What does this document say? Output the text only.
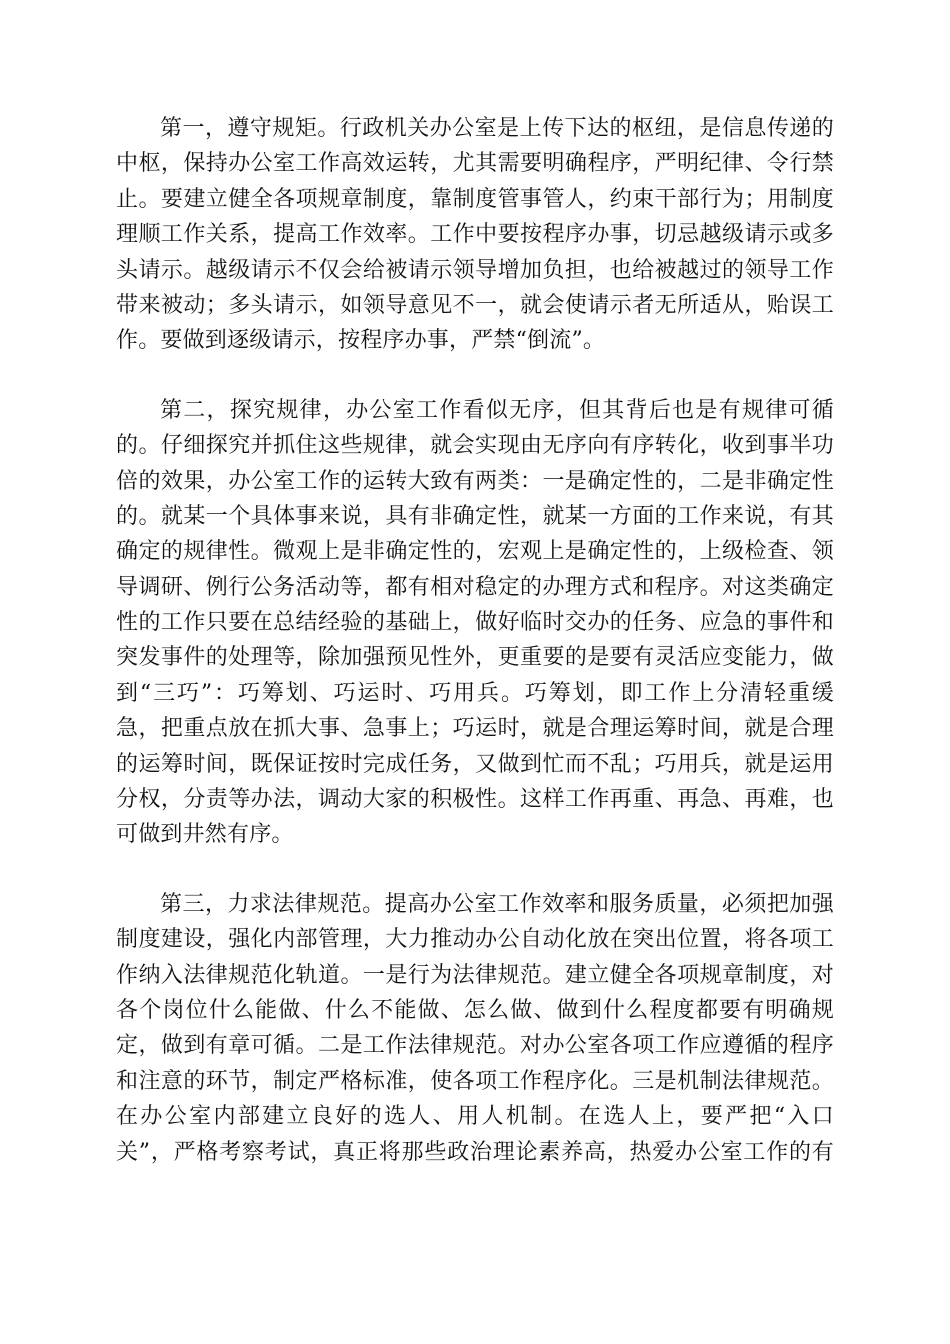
第一，遵守规矩。行政机关办公室是上传下达的枢纽，是信息传递的
中枢，保持办公室工作高效运转，尤其需要明确程序，严明纪律、令行禁
止。要建立健全各项规章制度，靠制度管事管人，约束干部行为；用制度
理顺工作关系，提高工作效率。工作中要按程序办事，切忌越级请示或多
头请示。越级请示不仅会给被请示领导增加负担，也给被越过的领导工作
带来被动；多头请示，如领导意见不一，就会使请示者无所适从，贻误工
作。要做到逐级请示，按程序办事，严禁“倒流”。
第二，探究规律，办公室工作看似无序，但其背后也是有规律可循
的。仔细探究并抓住这些规律，就会实现由无序向有序转化，收到事半功
倍的效果，办公室工作的运转大致有两类：一是确定性的，二是非确定性
的。就某一个具体事来说，具有非确定性，就某一方面的工作来说，有其
确定的规律性。微观上是非确定性的，宏观上是确定性的，上级检查、领
导调研、例行公务活动等，都有相对稳定的办理方式和程序。对这类确定
性的工作只要在总结经验的基础上，做好临时交办的任务、应急的事件和
突发事件的处理等，除加强预见性外，更重要的是要有灵活应变能力，做
到“三巧”：巧筹划、巧运时、巧用兵。巧筹划，即工作上分清轻重缓
急，把重点放在抓大事、急事上；巧运时，就是合理运筹时间，就是合理
的运筹时间，既保证按时完成任务，又做到忙而不乱；巧用兵，就是运用
分权，分责等办法，调动大家的积极性。这样工作再重、再急、再难，也
可做到井然有序。
第三，力求法律规范。提高办公室工作效率和服务质量，必须把加强
制度建设，强化内部管理，大力推动办公自动化放在突出位置，将各项工
作纳入法律规范化轨道。一是行为法律规范。建立健全各项规章制度，对
各个岗位什么能做、什么不能做、怎么做、做到什么程度都要有明确规
定，做到有章可循。二是工作法律规范。对办公室各项工作应遵循的程序
和注意的环节，制定严格标准，使各项工作程序化。三是机制法律规范。
在办公室内部建立良好的选人、用人机制。在选人上，要严把“入口
关”，严格考察考试，真正将那些政治理论素养高，热爱办公室工作的有
